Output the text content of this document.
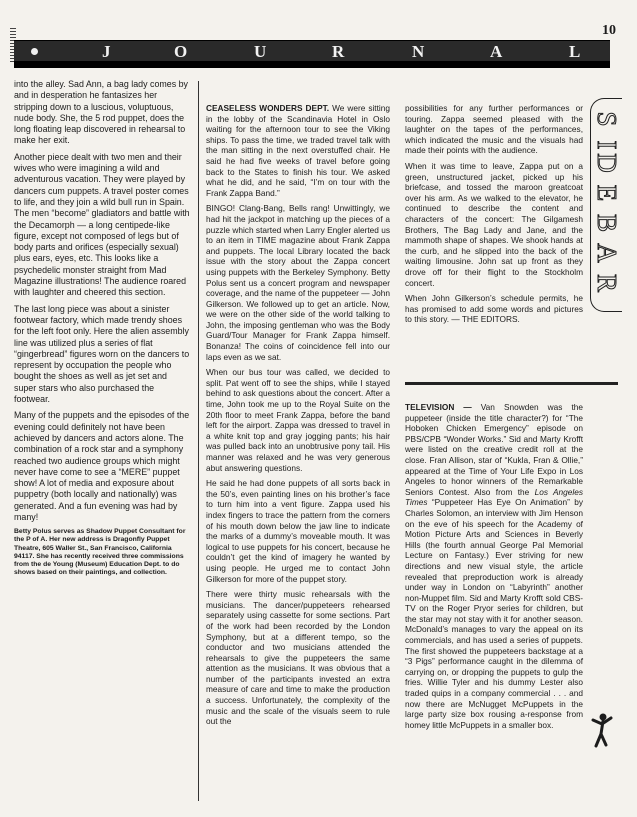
10
J	O	U	R	N	A	L

into the alley. Sad Ann, a bag lady comes by and in desperation he fantasizes her stripping down to a luscious, voluptuous, nude body. She, the 5 rod puppet, does the long floating leap discovered in rehearsal to make her exit.

Another piece dealt with two men and their wives who were imagining a wild and adventurous vacation. They were played by dancers cum puppets. A travel poster comes to life, and they join a wild bull run in Spain. The men “become” gladiators and battle with the Decamorph — a long centipede-like figure, except not composed of legs but of body parts and orifices (especially sexual) plus ears, eyes, etc. This looks like a psychedelic monster straight from Mad Magazine illustrations! The audience roared with laughter and cheered this section.

The last long piece was about a sinister footwear factory, which made trendy shoes for the left foot only. Here the alien assembly line was utilized plus a series of flat “gingerbread” figures worn on the dancers to represent by occupation the people who bought the shoes as well as jet set and super stars who also purchased the footwear.

Many of the puppets and the episodes of the evening could definitely not have been achieved by dancers and actors alone. The combination of a rock star and a symphony reached two audience groups which might never have come to see a “MERE” puppet show! A lot of media and exposure about puppetry (both locally and nationally) was generated. And a fun evening was had by many!

Betty Polus serves as Shadow Puppet Consultant for the P of A. Her new address is Dragonfly Puppet Theatre, 605 Waller St., San Francisco, California 94117. She has recently received three commissions from the de Young (Museum) Education Dept. to do shows based on their paintings, and collection.

CEASELESS WONDERS DEPT. We were sitting in the lobby of the Scandinavia Hotel in Oslo waiting for the afternoon tour to see the Viking ships. To pass the time, we traded travel talk with the man sitting in the next overstuffed chair. He said he had five weeks of travel before going back to the States to finish his tour. We asked what he did, and he said, “I’m on tour with the Frank Zappa Band.”

BINGO! Clang-Bang, Bells rang! Unwittingly, we had hit the jackpot in matching up the pieces of a puzzle which started when Larry Engler alerted us to an item in TIME magazine about Frank Zappa and puppets. The local Library located the back issue with the story about the Zappa concert using puppets with the Berkeley Symphony. Betty Polus sent us a concert program and newspaper coverage, and the name of the puppeteer — John Gilkerson. We followed up to get an article. Now, we were on the other side of the world talking to John, the imposing gentleman who was the Body Guard/Tour Manager for Frank Zappa himself. Bonanza! The coins of coincidence fell into our laps even as we sat.

When our bus tour was called, we decided to split. Pat went off to see the ships, while I stayed behind to ask questions about the concert. After a time, John took me up to the Royal Suite on the 20th floor to meet Frank Zappa, before the band left for the airport. Zappa was dressed to travel in a white knit top and gray jogging pants; his hair was pulled back into an unobtrusive pony tail. His manner was relaxed and he was very generous abut answering questions.

He said he had done puppets of all sorts back in the 50’s, even painting lines on his brother’s face to turn him into a vent figure. Zappa used his index fingers to trace the pattern from the corners of his mouth down below the jaw line to indicate the marks of a dummy’s moveable mouth. It was logical to use puppets for his concert, because he couldn’t get the kind of imagery he wanted by using people. He urged me to contact John Gilkerson for more of the puppet story.

There were thirty music rehearsals with the musicians. The dancer/puppeteers rehearsed separately using cassette for some sections. Part of the work had been recorded by the London Symphony, but at a different tempo, so the conductor and two musicians attended the rehearsals to give the puppeteers the same attention as the musicians. It was obvious that a number of the participants invested an extra measure of care and time to make the production a success. Unfortunately, the complexity of the music and the scale of the visuals seem to rule out the

possibilities for any further performances or touring. Zappa seemed pleased with the laughter on the tapes of the performances, which indicated the music and the visuals had made their points with the audience.

When it was time to leave, Zappa put on a green, unstructured jacket, picked up his briefcase, and tossed the maroon greatcoat over his arm. As we walked to the elevator, he continued to describe the content and characters of the concert: The Gilgamesh Brothers, The Bag Lady and Jane, and the mammoth shape of shapes. We shook hands at the curb, and he slipped into the back of the waiting limousine. John sat up front as they drove off for their flight to the Stockholm concert.

When John Gilkerson’s schedule permits, he has promised to add some words and pictures to this story. — THE EDITORS.

S
I
D
E
B
A
R

TELEVISION — Van Snowden was the puppeteer (inside the title character?) for “The Hoboken Chicken Emergency” episode on PBS/CPB “Wonder Works.” Sid and Marty Krofft were listed on the creative credit roll at the close. Fran Allison, star of “Kukla, Fran & Ollie,” appeared at the Time of Your Life Expo in Los Angeles to honor winners of the Remarkable Seniors Contest. Also from the Los Angeles Times “Puppeteer Has Eye On Animation” by Charles Solomon, an interview with Jim Henson on the eve of his speech for the Academy of Motion Picture Arts and Sciences in Beverly Hills (the fourth annual George Pal Memorial Lecture on Fantasy.) Ever striving for new directions and new visual style, the article revealed that preproduction work is already under way in London on “Labyrinth” another non-Muppet film. Sid and Marty Krofft sold CBS-TV on the Roger Pryor series for children, but the star may not stay with it for another season. McDonald’s manages to vary the appeal on its commercials, and has used a series of puppets. The first showed the puppeteers backstage at a “3 Pigs” performance caught in the dilemma of carrying on, or dropping the puppets to gulp the fries. Willie Tyler and his dummy Lester also traded quips in a company commercial . . . and now there are McNugget McPuppets in the large party size box rousing a-response from homey little McPuppets in a smaller box.
